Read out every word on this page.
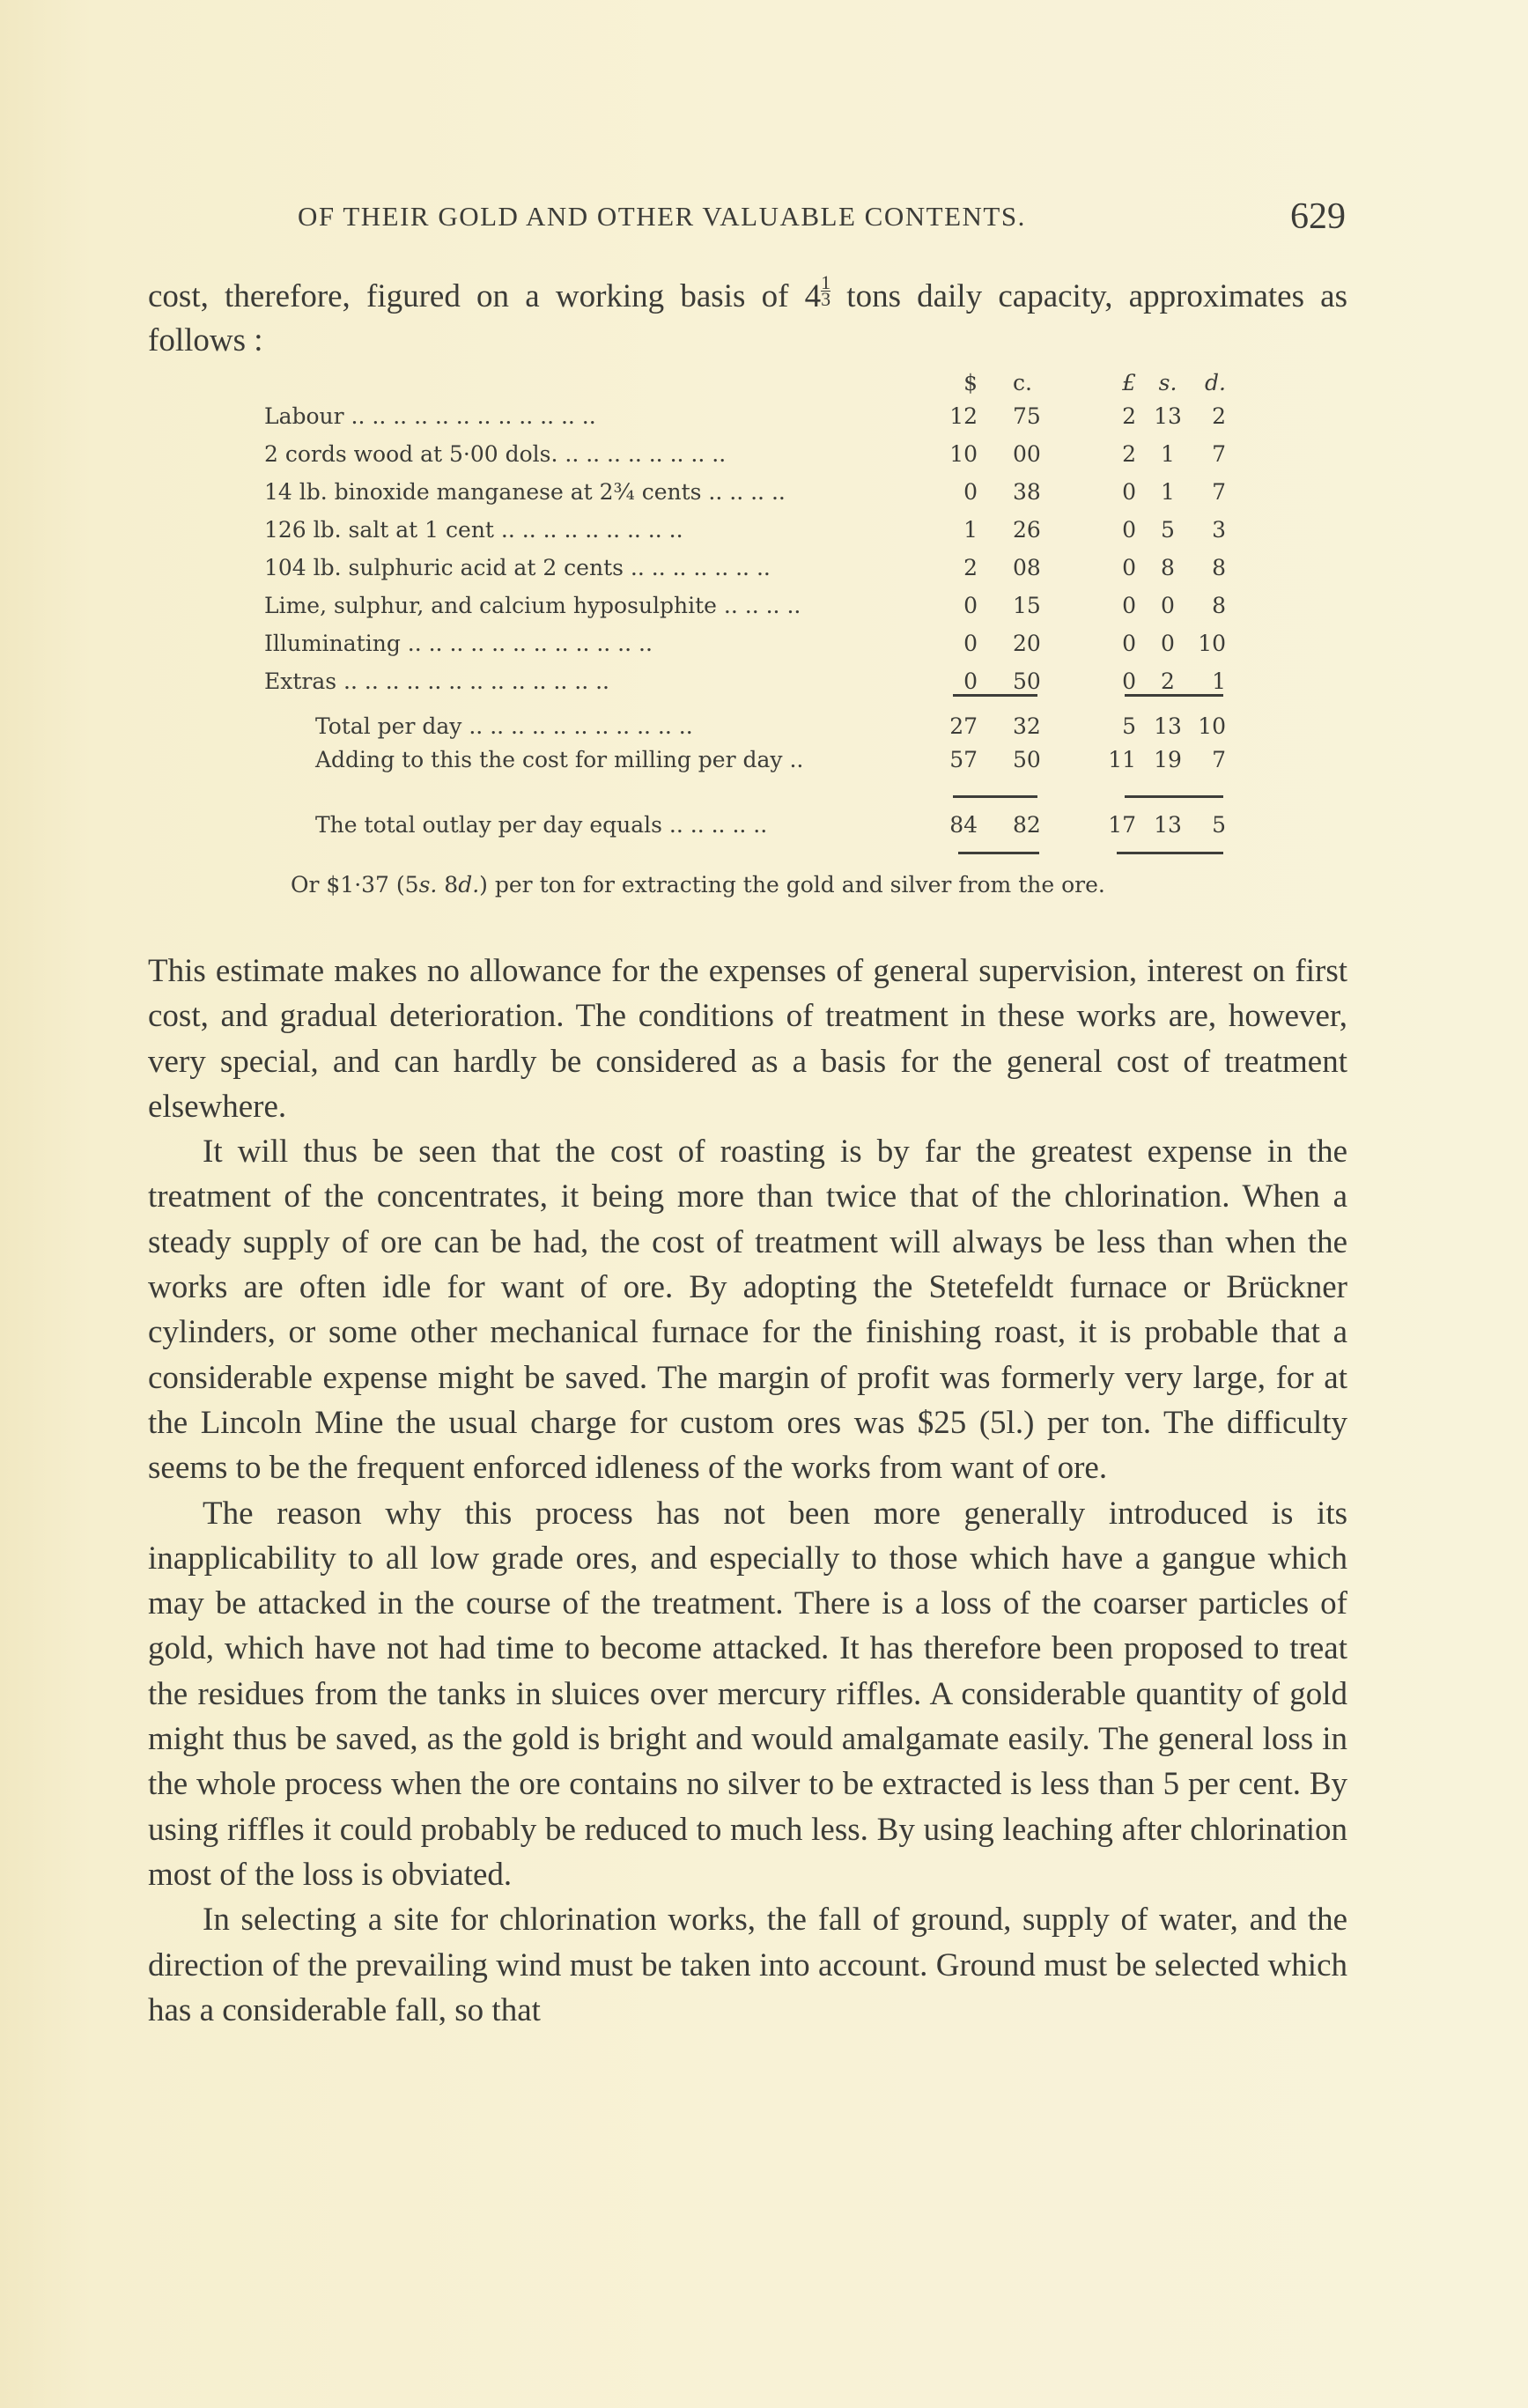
OF THEIR GOLD AND OTHER VALUABLE CONTENTS.	629

cost, therefore, figured on a working basis of $4 \frac{1}{3}$ tons daily capacity, approximates as follows :

$ c.	£	s.	d.
Labour .. .. .. .. .. .. .. .. .. .. .. ..	12 75	2 13 2
2 cords wood at 5·00 dols. .. .. .. .. .. .. .. ..	10 00	2	1	7
14 lb. binoxide manganese at 2¾ cents .. .. .. ..	0 38	0	1	7
126 lb. salt at 1 cent .. .. .. .. .. .. .. .. ..	1 26	0	5	3
104 lb. sulphuric acid at 2 cents .. .. .. .. .. .. ..	2 08	0	8	8
Lime, sulphur, and calcium hyposulphite .. .. .. ..	0 15	0	0	8
Illuminating .. .. .. .. .. .. .. .. .. .. .. ..	0 20	0	0	10
Extras .. .. .. .. .. .. .. .. .. .. .. .. ..	0 50	0	2	1
Total per day .. .. .. .. .. .. .. .. .. .. ..	27 32	5 13 10
Adding to this the cost for milling per day ..	57 50	11 19 7
The total outlay per day equals .. .. .. .. ..	84 82	17 13 5
Or $1·37 (5s. 8d.) per ton for extracting the gold and silver from the ore.

This estimate makes no allowance for the expenses of general supervision, interest on first cost, and gradual deterioration. The conditions of treatment in these works are, however, very special, and can hardly be considered as a basis for the general cost of treatment elsewhere.

It will thus be seen that the cost of roasting is by far the greatest expense in the treatment of the concentrates, it being more than twice that of the chlorination. When a steady supply of ore can be had, the cost of treatment will always be less than when the works are often idle for want of ore. By adopting the Stetefeldt furnace or Brückner cylinders, or some other mechanical furnace for the finishing roast, it is probable that a considerable expense might be saved. The margin of profit was formerly very large, for at the Lincoln Mine the usual charge for custom ores was $25 (5l.) per ton. The difficulty seems to be the frequent enforced idleness of the works from want of ore.

The reason why this process has not been more generally introduced is its inapplicability to all low grade ores, and especially to those which have a gangue which may be attacked in the course of the treatment. There is a loss of the coarser particles of gold, which have not had time to become attacked. It has therefore been proposed to treat the residues from the tanks in sluices over mercury riffles. A considerable quantity of gold might thus be saved, as the gold is bright and would amalgamate easily. The general loss in the whole process when the ore contains no silver to be extracted is less than 5 per cent. By using riffles it could probably be reduced to much less. By using leaching after chlorination most of the loss is obviated.

In selecting a site for chlorination works, the fall of ground, supply of water, and the direction of the prevailing wind must be taken into account. Ground must be selected which has a considerable fall, so that
